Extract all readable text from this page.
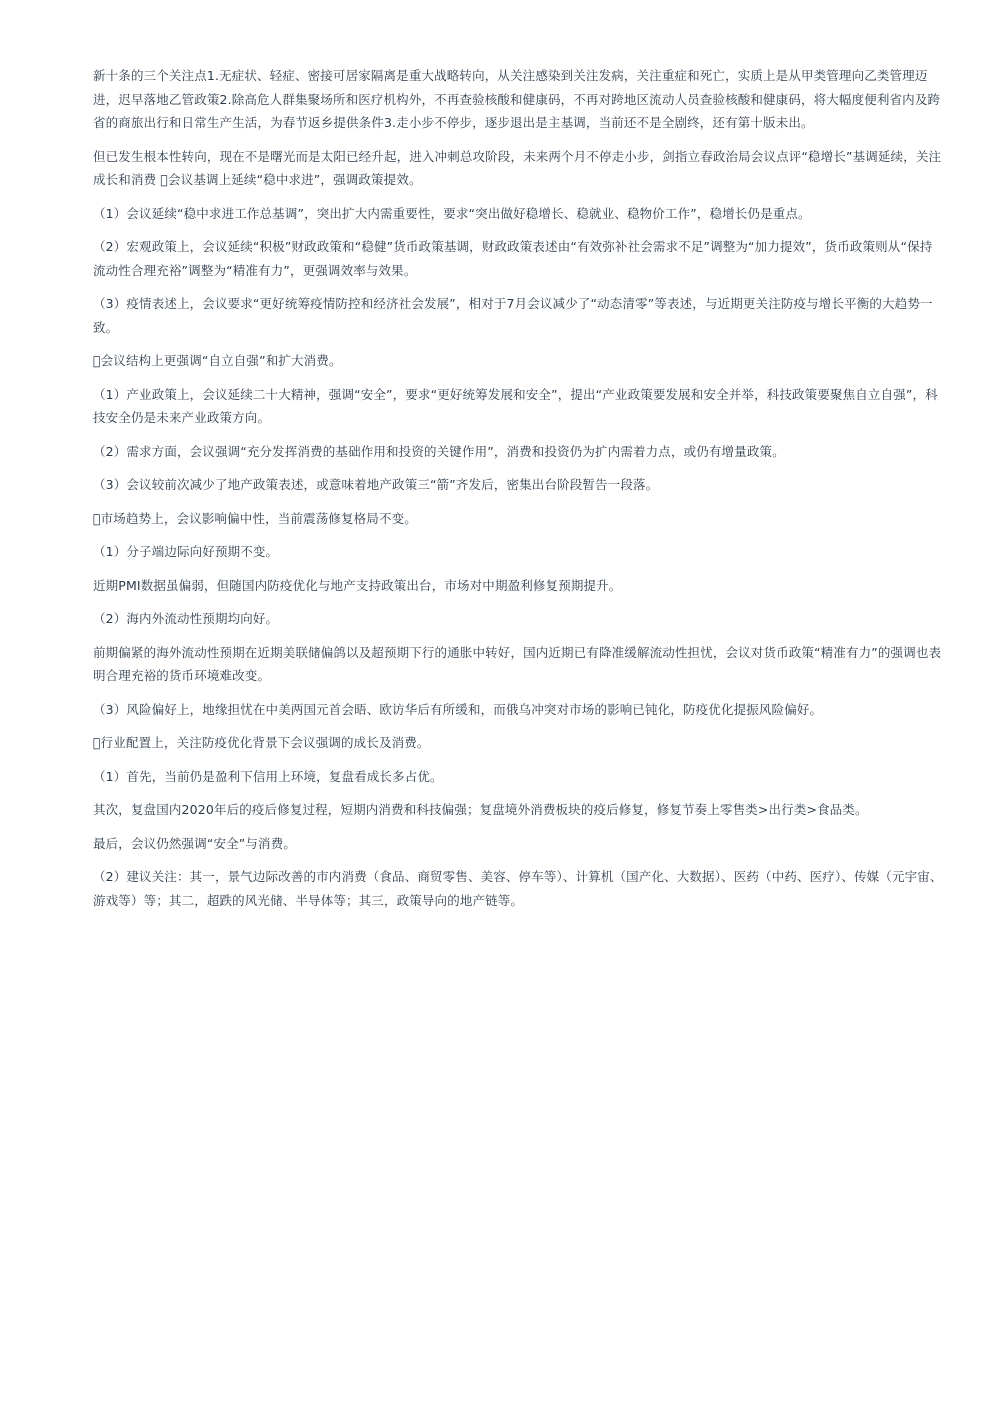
新十条的三个关注点1.无症状、轻症、密接可居家隔离是重大战略转向，从关注感染到关注发病，关注重症和死亡，实质上是从甲类管理向乙类管理迈进，迟早落地乙管政策2.除高危人群集聚场所和医疗机构外，不再查验核酸和健康码，不再对跨地区流动人员查验核酸和健康码，将大幅度便利省内及跨省的商旅出行和日常生产生活，为春节返乡提供条件3.走小步不停步，逐步退出是主基调，当前还不是全剧终，还有第十版未出。

但已发生根本性转向，现在不是曙光而是太阳已经升起，进入冲刺总攻阶段，未来两个月不停走小步，剑指立春政治局会议点评“稳增长”基调延续，关注成长和消费  会议基调上延续“稳中求进”，强调政策提效。

（1）会议延续“稳中求进工作总基调”，突出扩大内需重要性，要求“突出做好稳增长、稳就业、稳物价工作”，稳增长仍是重点。

（2）宏观政策上，会议延续“积极”财政政策和“稳健”货币政策基调，财政政策表述由“有效弥补社会需求不足”调整为“加力提效”，货币政策则从“保持流动性合理充裕”调整为“精准有力”，更强调效率与效果。

（3）疫情表述上，会议要求“更好统筹疫情防控和经济社会发展”，相对于7月会议减少了“动态清零”等表述，与近期更关注防疫与增长平衡的大趋势一致。

 会议结构上更强调“自立自强”和扩大消费。

（1）产业政策上，会议延续二十大精神，强调“安全”，要求“更好统筹发展和安全”，提出“产业政策要发展和安全并举，科技政策要聚焦自立自强”，科技安全仍是未来产业政策方向。

（2）需求方面，会议强调“充分发挥消费的基础作用和投资的关键作用”，消费和投资仍为扩内需着力点，或仍有增量政策。

（3）会议较前次减少了地产政策表述，或意味着地产政策三“箭”齐发后，密集出台阶段暂告一段落。

 市场趋势上，会议影响偏中性，当前震荡修复格局不变。

（1）分子端边际向好预期不变。

近期PMI数据虽偏弱，但随国内防疫优化与地产支持政策出台，市场对中期盈利修复预期提升。

（2）海内外流动性预期均向好。

前期偏紧的海外流动性预期在近期美联储偏鸽以及超预期下行的通胀中转好，国内近期已有降准缓解流动性担忧，会议对货币政策“精准有力”的强调也表明合理充裕的货币环境难改变。

（3）风险偏好上，地缘担忧在中美两国元首会晤、欧访华后有所缓和，而俄乌冲突对市场的影响已钝化，防疫优化提振风险偏好。

 行业配置上，关注防疫优化背景下会议强调的成长及消费。

（1）首先，当前仍是盈利下信用上环境，复盘看成长多占优。

其次，复盘国内2020年后的疫后修复过程，短期内消费和科技偏强；复盘境外消费板块的疫后修复，修复节奏上零售类>出行类>食品类。

最后，会议仍然强调“安全”与消费。

（2）建议关注：其一，景气边际改善的市内消费（食品、商贸零售、美容、停车等）、计算机（国产化、大数据）、医药（中药、医疗）、传媒（元宇宙、游戏等）等；其二，超跌的风光储、半导体等；其三，政策导向的地产链等。
